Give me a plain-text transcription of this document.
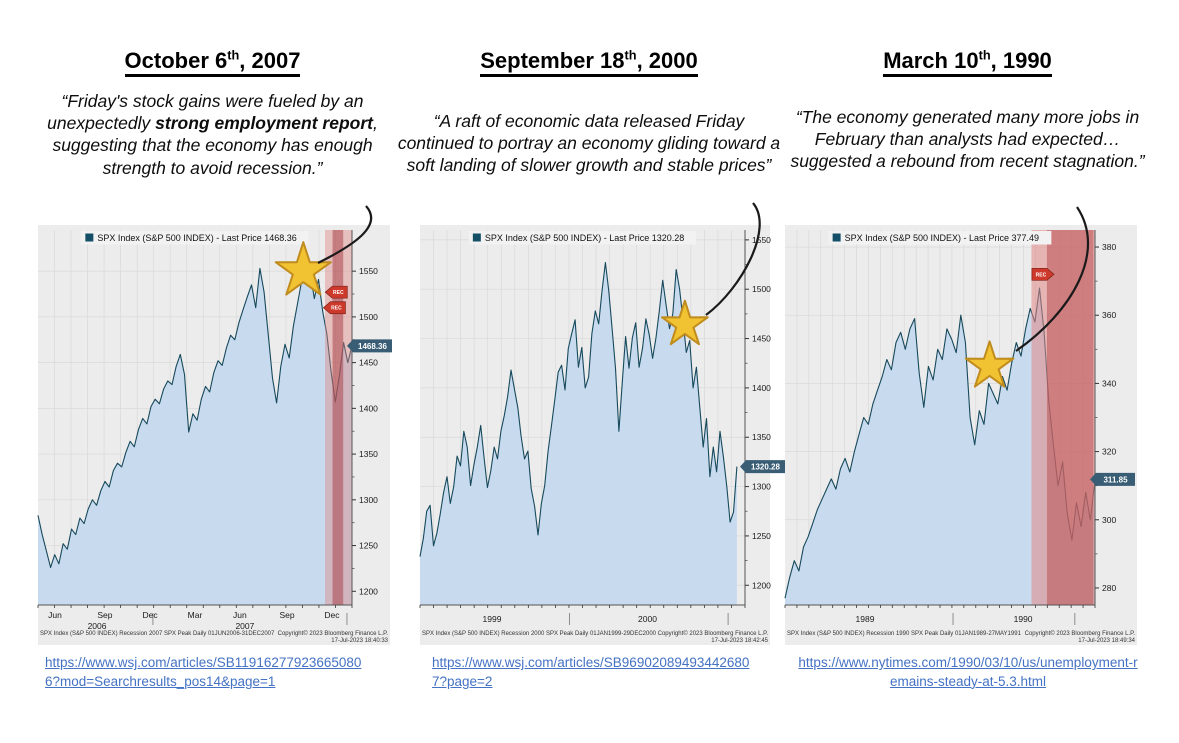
October 6th, 2007

“Friday's stock gains were fueled by an unexpectedly strong employment report, suggesting that the economy has enough strength to avoid recession.”

1200
1250
1300
1350
1400
1450
1500
1550
Jun	Sep	Dec	Mar	Jun	Sep	Dec
2006	2007
SPX Index (S&P 500 INDEX) - Last Price 1468.36
REC
REC
1468.36
SPX Index (S&P 500 INDEX) Recession 2007 SPX Peak Daily 01JUN2006-31DEC2007 Copyright© 2023 Bloomberg Finance L.P.
17-Jul-2023 18:40:33
https://www.wsj.com/articles/SB119162779236650806?mod=Searchresults_pos14&page=1
September 18th, 2000

“A raft of economic data released Friday continued to portray an economy gliding toward a soft landing of slower growth and stable prices”

1200
1250
1300
1350
1400
1450
1500
1550
1999	2000
SPX Index (S&P 500 INDEX) - Last Price 1320.28
1320.28
SPX Index (S&P 500 INDEX) Recession 2000 SPX Peak Daily 01JAN1999-29DEC2000 Copyright© 2023 Bloomberg Finance L.P.
17-Jul-2023 18:42:45
https://www.wsj.com/articles/SB969020894934426807?page=2
March 10th, 1990

“The economy generated many more jobs in February than analysts had expected… suggested a rebound from recent stagnation.”

280
300
320
340
360
380
1989	1990
SPX Index (S&P 500 INDEX) - Last Price 377.49
REC
311.85
SPX Index (S&P 500 INDEX) Recession 1990 SPX Peak Daily 01JAN1989-27MAY1991 Copyright© 2023 Bloomberg Finance L.P.
17-Jul-2023 18:49:34
https://www.nytimes.com/1990/03/10/us/unemployment-remains-steady-at-5.3.html
